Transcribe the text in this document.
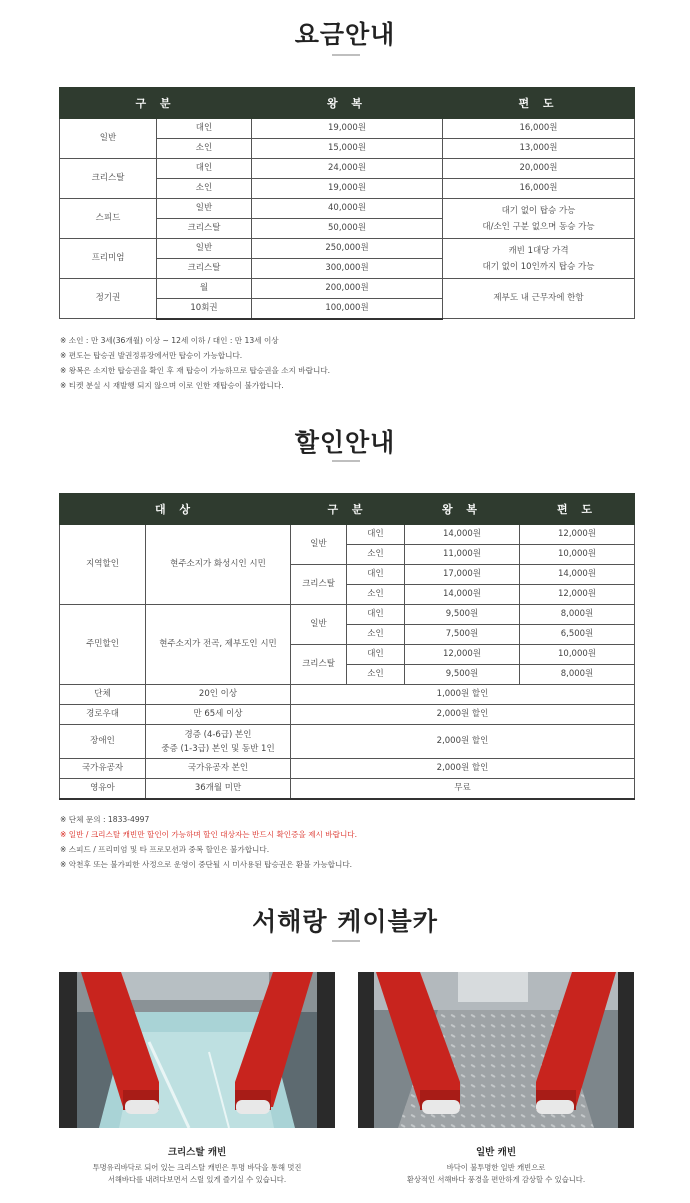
요금안내
구 분		왕 복	편 도
일반	대인	19,000원	16,000원
	소인	15,000원	13,000원
크리스탈	대인	24,000원	20,000원
	소인	19,000원	16,000원
스피드	일반	40,000원	대기 없이 탑승 가능
대/소인 구분 없으며 동승 가능
	크리스탈	50,000원	
프리미엄	일반	250,000원	캐빈 1대당 가격
대기 없이 10인까지 탑승 가능
	크리스탈	300,000원	
정기권	월	200,000원	제부도 내 근무자에 한함
	10회권	100,000원	
※ 소인 : 만 3세(36개월) 이상 ~ 12세 이하 / 대인 : 만 13세 이상
※ 편도는 탑승권 발권정류장에서만 탑승이 가능합니다.
※ 왕복은 소지한 탑승권을 확인 후 재 탑승이 가능하므로 탑승권을 소지 바랍니다.
※ 티켓 분실 시 재발행 되지 않으며 이로 인한 재탑승이 불가합니다.
할인안내
대 상		구 분		왕 복	편 도
지역할인	현주소지가 화성시인 시민	일반	대인	14,000원	12,000원
			소인	11,000원	10,000원
		크리스탈	대인	17,000원	14,000원
			소인	14,000원	12,000원
주민할인	현주소지가 전곡, 제부도인 시민	일반	대인	9,500원	8,000원
			소인	7,500원	6,500원
		크리스탈	대인	12,000원	10,000원
			소인	9,500원	8,000원
단체	20인 이상	1,000원 할인			
경로우대	만 65세 이상	2,000원 할인			
장애인	경증 (4-6급) 본인
중증 (1-3급) 본인 및 동반 1인	2,000원 할인			
국가유공자	국가유공자 본인	2,000원 할인			
영유아	36개월 미만	무료			
※ 단체 문의 : 1833-4997
※ 일반 / 크리스탈 캐빈만 할인이 가능하며 할인 대상자는 반드시 확인증을 제시 바랍니다.
※ 스피드 / 프리미엄 및 타 프로모션과 중복 할인은 불가합니다.
※ 악천후 또는 불가피한 사정으로 운영이 중단될 시 미사용된 탑승권은 환불 가능합니다.
서해랑 케이블카
크리스탈 캐빈
투명유리바닥로 되어 있는 크리스탈 캐빈은 투명 바닥을 통해 멋진
서해바다를 내려다보면서 스릴 있게 즐기실 수 있습니다.
일반 캐빈
바닥이 불투명한 일반 캐빈으로
환상적인 서해바다 풍경을 편안하게 감상할 수 있습니다.
